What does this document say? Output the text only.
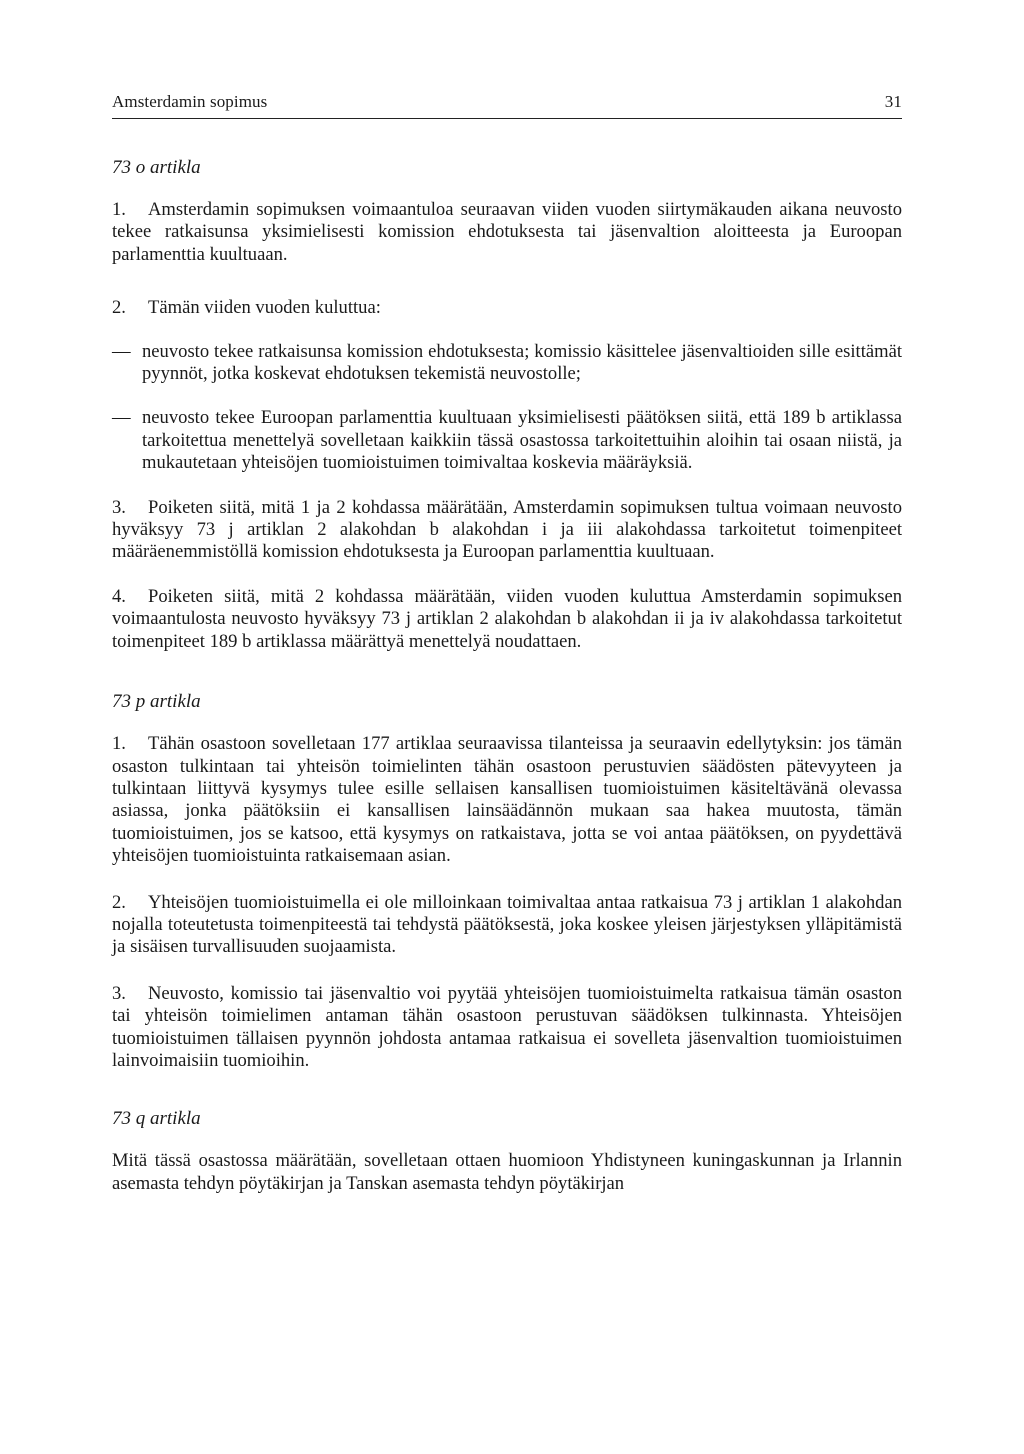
Amsterdamin sopimus	31
73 o artikla

1. Amsterdamin sopimuksen voimaantuloa seuraavan viiden vuoden siirtymäkauden aikana neuvosto tekee ratkaisunsa yksimielisesti komission ehdotuksesta tai jäsenvaltion aloitteesta ja Euroopan parlamenttia kuultuaan.

2. Tämän viiden vuoden kuluttua:

— neuvosto tekee ratkaisunsa komission ehdotuksesta; komissio käsittelee jäsenvaltioiden sille esittämät pyynnöt, jotka koskevat ehdotuksen tekemistä neuvostolle;
— neuvosto tekee Euroopan parlamenttia kuultuaan yksimielisesti päätöksen siitä, että 189 b artiklassa tarkoitettua menettelyä sovelletaan kaikkiin tässä osastossa tarkoitettuihin aloihin tai osaan niistä, ja mukautetaan yhteisöjen tuomioistuimen toimivaltaa koskevia määräyksiä.

3. Poiketen siitä, mitä 1 ja 2 kohdassa määrätään, Amsterdamin sopimuksen tultua voimaan neuvosto hyväksyy 73 j artiklan 2 alakohdan b alakohdan i ja iii alakohdassa tarkoitetut toimenpiteet määräenemmistöllä komission ehdotuksesta ja Euroopan parlamenttia kuultuaan.

4. Poiketen siitä, mitä 2 kohdassa määrätään, viiden vuoden kuluttua Amsterdamin sopimuksen voimaantulosta neuvosto hyväksyy 73 j artiklan 2 alakohdan b alakohdan ii ja iv alakohdassa tarkoitetut toimenpiteet 189 b artiklassa määrättyä menettelyä noudattaen.

73 p artikla

1. Tähän osastoon sovelletaan 177 artiklaa seuraavissa tilanteissa ja seuraavin edellytyksin: jos tämän osaston tulkintaan tai yhteisön toimielinten tähän osastoon perustuvien säädösten pätevyyteen ja tulkintaan liittyvä kysymys tulee esille sellaisen kansallisen tuomioistuimen käsiteltävänä olevassa asiassa, jonka päätöksiin ei kansallisen lainsäädännön mukaan saa hakea muutosta, tämän tuomioistuimen, jos se katsoo, että kysymys on ratkaistava, jotta se voi antaa päätöksen, on pyydettävä yhteisöjen tuomioistuinta ratkaisemaan asian.

2. Yhteisöjen tuomioistuimella ei ole milloinkaan toimivaltaa antaa ratkaisua 73 j artiklan 1 alakohdan nojalla toteutetusta toimenpiteestä tai tehdystä päätöksestä, joka koskee yleisen järjestyksen ylläpitämistä ja sisäisen turvallisuuden suojaamista.

3. Neuvosto, komissio tai jäsenvaltio voi pyytää yhteisöjen tuomioistuimelta ratkaisua tämän osaston tai yhteisön toimielimen antaman tähän osastoon perustuvan säädöksen tulkinnasta. Yhteisöjen tuomioistuimen tällaisen pyynnön johdosta antamaa ratkaisua ei sovelleta jäsenvaltion tuomioistuimen lainvoimaisiin tuomioihin.

73 q artikla

Mitä tässä osastossa määrätään, sovelletaan ottaen huomioon Yhdistyneen kuningaskunnan ja Irlannin asemasta tehdyn pöytäkirjan ja Tanskan asemasta tehdyn pöytäkirjan
